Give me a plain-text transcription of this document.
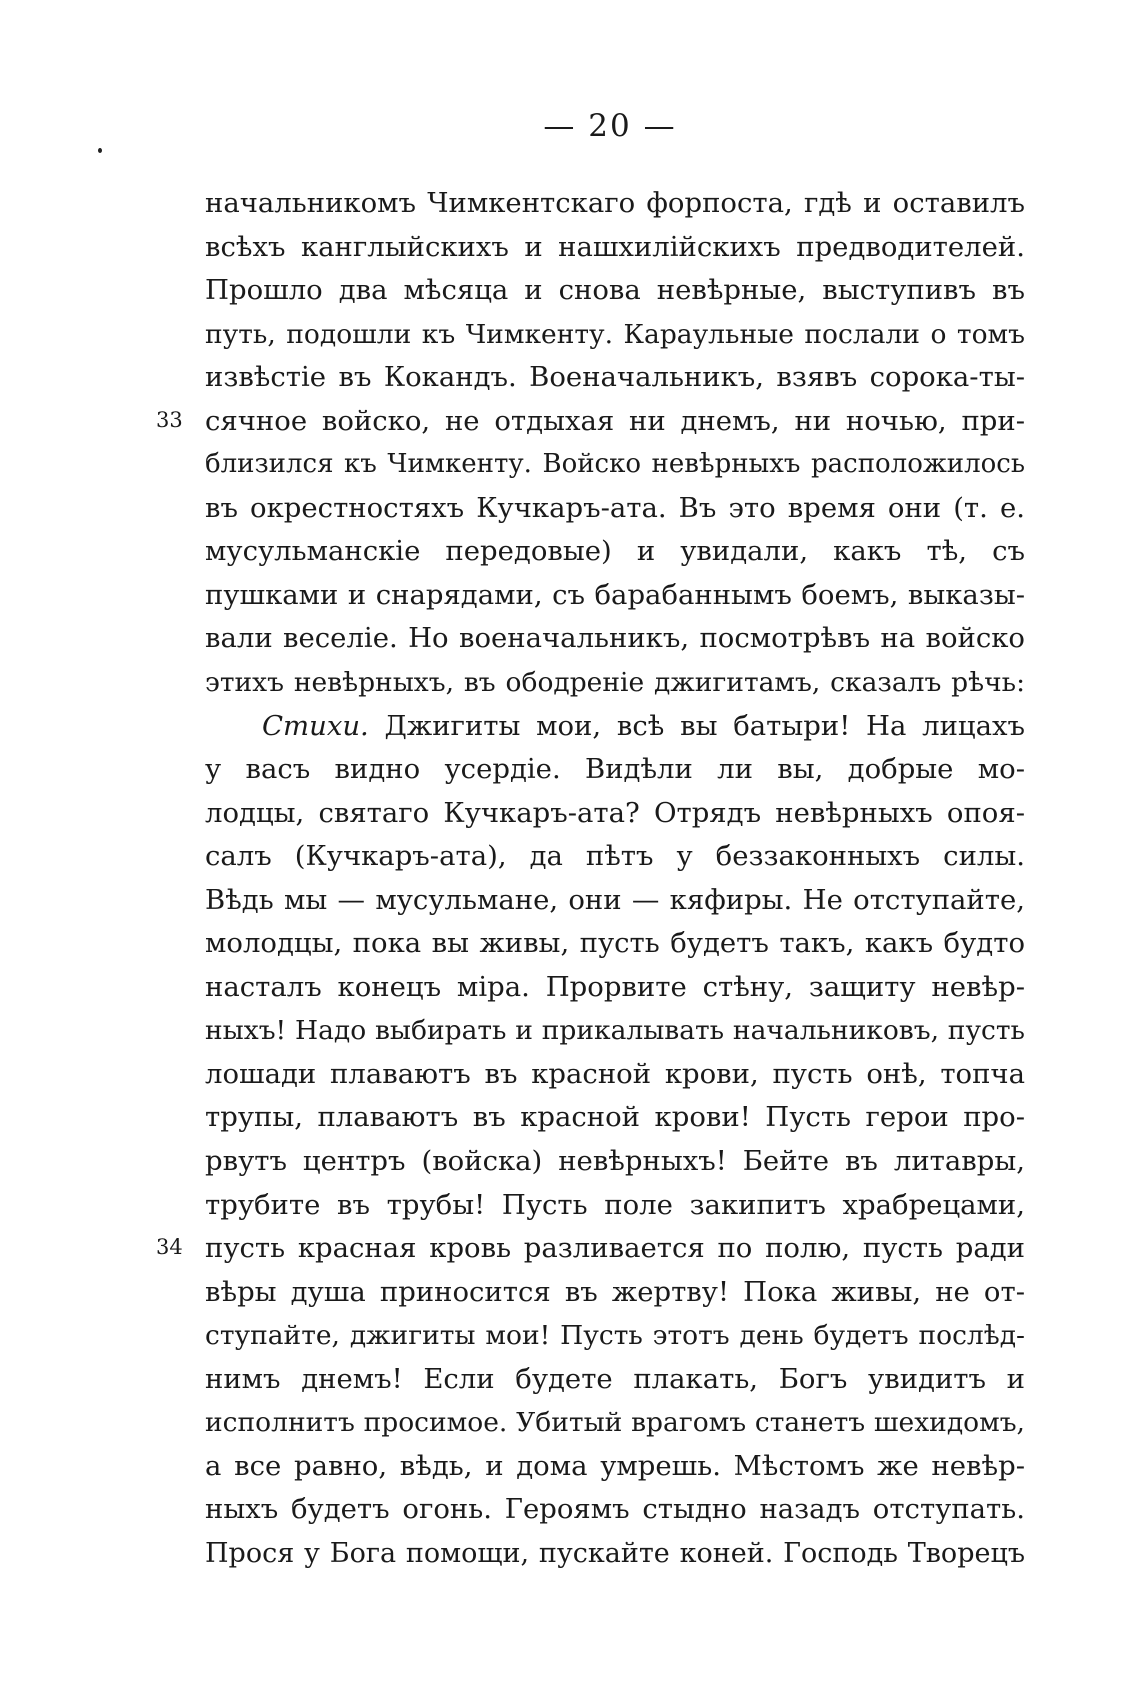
— 20 —
33
34
начальникомъ Чимкентскаго форпоста, гдѣ и оставилъ
всѣхъ канглыйскихъ и нашхилійскихъ предводителей.
Прошло два мѣсяца и снова невѣрные, выступивъ въ
путь, подошли къ Чимкенту. Караульные послали о томъ
извѣстіе въ Кокандъ. Военачальникъ, взявъ сорока-ты-
сячное войско, не отдыхая ни днемъ, ни ночью, при-
близился къ Чимкенту. Войско невѣрныхъ расположилось
въ окрестностяхъ Кучкаръ-ата. Въ это время они (т. е.
мусульманскіе передовые) и увидали, какъ тѣ, съ
пушками и снарядами, съ барабаннымъ боемъ, выказы-
вали веселіе. Но военачальникъ, посмотрѣвъ на войско
этихъ невѣрныхъ, въ ободреніе джигитамъ, сказалъ рѣчь:
Стихи. Джигиты мои, всѣ вы батыри! На лицахъ
у васъ видно усердіе. Видѣли ли вы, добрые мо-
лодцы, святаго Кучкаръ-ата? Отрядъ невѣрныхъ опоя-
салъ (Кучкаръ-ата), да пѣтъ у беззаконныхъ силы.
Вѣдь мы — мусульмане, они — кяфиры. Не отступайте,
молодцы, пока вы живы, пусть будетъ такъ, какъ будто
насталъ конецъ міра. Прорвите стѣну, защиту невѣр-
ныхъ! Надо выбирать и прикалывать начальниковъ, пусть
лошади плаваютъ въ красной крови, пусть онѣ, топча
трупы, плаваютъ въ красной крови! Пусть герои про-
рвутъ центръ (войска) невѣрныхъ! Бейте въ литавры,
трубите въ трубы! Пусть поле закипитъ храбрецами,
пусть красная кровь разливается по полю, пусть ради
вѣры душа приносится въ жертву! Пока живы, не от-
ступайте, джигиты мои! Пусть этотъ день будетъ послѣд-
нимъ днемъ! Если будете плакать, Богъ увидитъ и
исполнитъ просимое. Убитый врагомъ станетъ шехидомъ,
а все равно, вѣдь, и дома умрешь. Мѣстомъ же невѣр-
ныхъ будетъ огонь. Героямъ стыдно назадъ отступать.
Прося у Бога помощи, пускайте коней. Господь Творецъ
